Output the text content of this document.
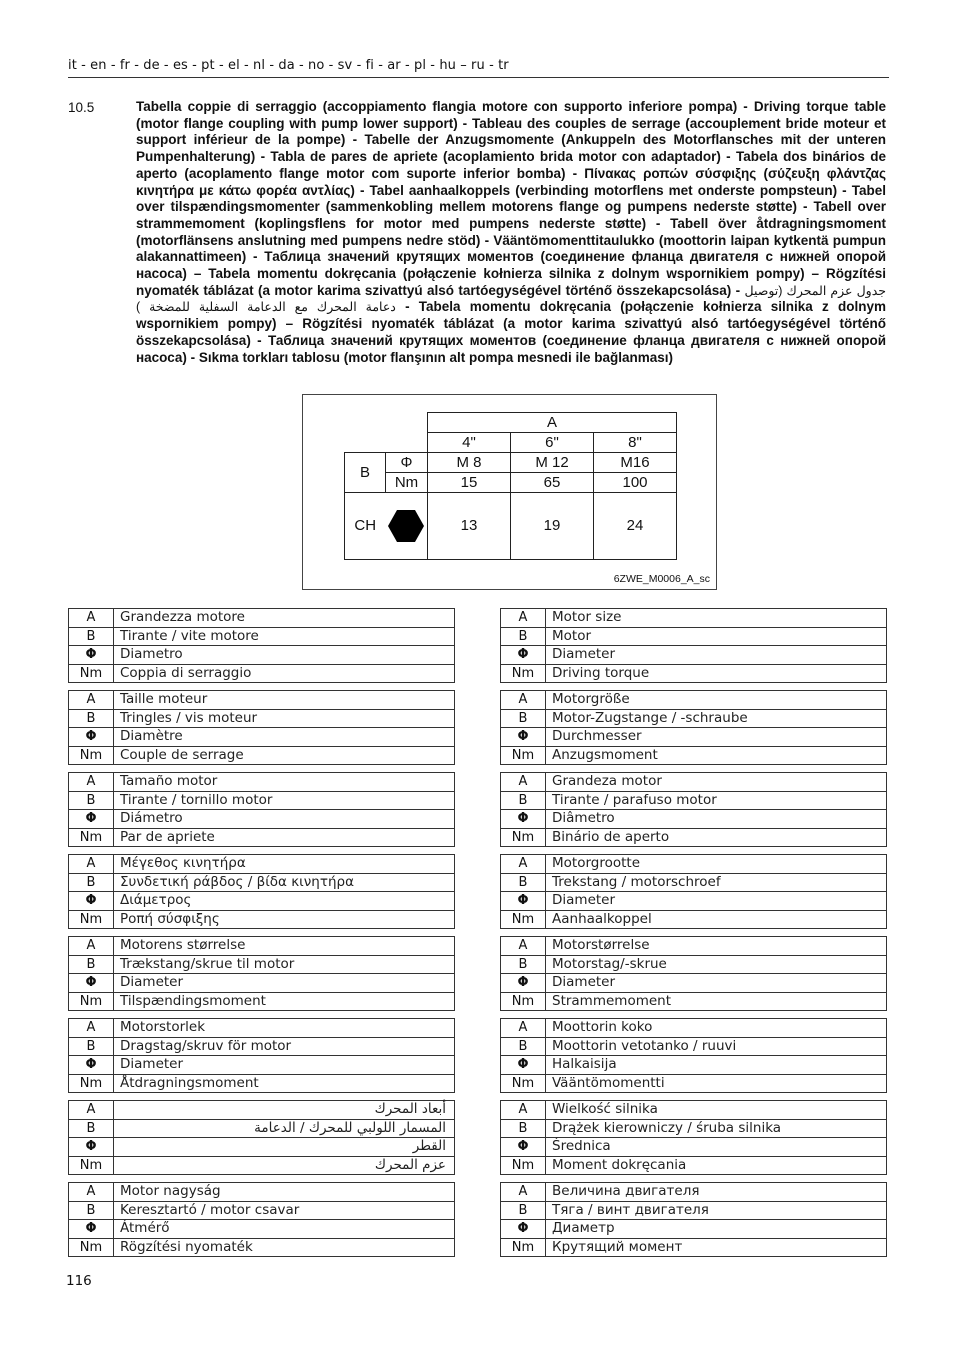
it - en - fr - de - es - pt - el - nl - da - no - sv - fi - ar - pl - hu – ru - tr
10.5	Tabella coppie di serraggio (accoppiamento flangia motore con supporto inferiore pompa) - Driving torque table (motor flange coupling with pump lower support) - Tableau des couples de serrage (accouplement bride moteur et support inférieur de la pompe) - Tabelle der Anzugsmomente (Ankuppeln des Motorflansches mit der unteren Pumpenhalterung) - Tabla de pares de apriete (acoplamiento brida motor con adaptador) - Tabela dos binários de aperto (acoplamento flange motor com suporte inferior bomba) - Πίνακας ροπών σύσφιξης (σύζευξη φλάντζας κινητήρα με κάτω φορέα αντλίας) - Tabel aanhaalkoppels (verbinding motorflens met onderste pompsteun) - Tabel over tilspændingsmomenter (sammenkobling mellem motorens flange og pumpens nederste støtte) - Tabell over strammemoment (koplingsflens for motor med pumpens nederste støtte) - Tabell över åtdragningsmoment (motorflänsens anslutning med pumpens nedre stöd) - Vääntömomenttitaulukko (moottorin laipan kytkentä pumpun alakannattimeen) - Таблица значений крутящих моментов (соединение фланца двигателя с нижней опорой насоса) – Tabela momentu dokręcania (połączenie kołnierza silnika z dolnym wspornikiem pompy) – Rögzítési nyomaték táblázat (a motor karima szivattyú alsó tartóegységével történő összekapcsolása) - جدول عزم المحرك (توصيل دعامة المحرك مع الدعامة السفلية للمضخة ) - Tabela momentu dokręcania (połączenie kołnierza silnika z dolnym wspornikiem pompy) – Rögzítési nyomaték táblázat (a motor karima szivattyú alsó tartóegységével történő összekapcsolása) - Таблица значений крутящих моментов (соединение фланца двигателя с нижней опорой насоса) - Sıkma torkları tablosu (motor flanşının alt pompa mesnedi ile bağlanması)
		A		
		4"	6"	8"
B	Φ	M 8	M 12	M16
	Nm	15	65	100
CH		13	19	24
6ZWE_M0006_A_sc
A	Grandezza motore
B	Tirante / vite motore
Φ	Diametro
Nm	Coppia di serraggio
A	Motor size
B	Motor
Φ	Diameter
Nm	Driving torque
A	Taille moteur
B	Tringles / vis moteur
Φ	Diamètre
Nm	Couple de serrage
A	Motorgröße
B	Motor-Zugstange / -schraube
Φ	Durchmesser
Nm	Anzugsmoment
A	Tamaño motor
B	Tirante / tornillo motor
Φ	Diámetro
Nm	Par de apriete
A	Grandeza motor
B	Tirante / parafuso motor
Φ	Diâmetro
Nm	Binário de aperto
A	Μέγεθος κινητήρα
B	Συνδετική ράβδος / βίδα κινητήρα
Φ	Διάμετρος
Nm	Ροπή σύσφιξης
A	Motorgrootte
B	Trekstang / motorschroef
Φ	Diameter
Nm	Aanhaalkoppel
A	Motorens størrelse
B	Trækstang/skrue til motor
Φ	Diameter
Nm	Tilspændingsmoment
A	Motorstørrelse
B	Motorstag/-skrue
Φ	Diameter
Nm	Strammemoment
A	Motorstorlek
B	Dragstag/skruv för motor
Φ	Diameter
Nm	Åtdragningsmoment
A	Moottorin koko
B	Moottorin vetotanko / ruuvi
Φ	Halkaisija
Nm	Vääntömomentti
A	أبعاد المحرك
B	المسمار اللولبي للمحرك / الدعامة
Φ	القطر
Nm	عزم المحرك
A	Wielkość silnika
B	Drążek kierowniczy / śruba silnika
Φ	Średnica
Nm	Moment dokręcania
A	Motor nagyság
B	Keresztartó / motor csavar
Φ	Átmérő
Nm	Rögzítési nyomaték
A	Величина двигателя
B	Тяга / винт двигателя
Φ	Диаметр
Nm	Крутящий момент
116
